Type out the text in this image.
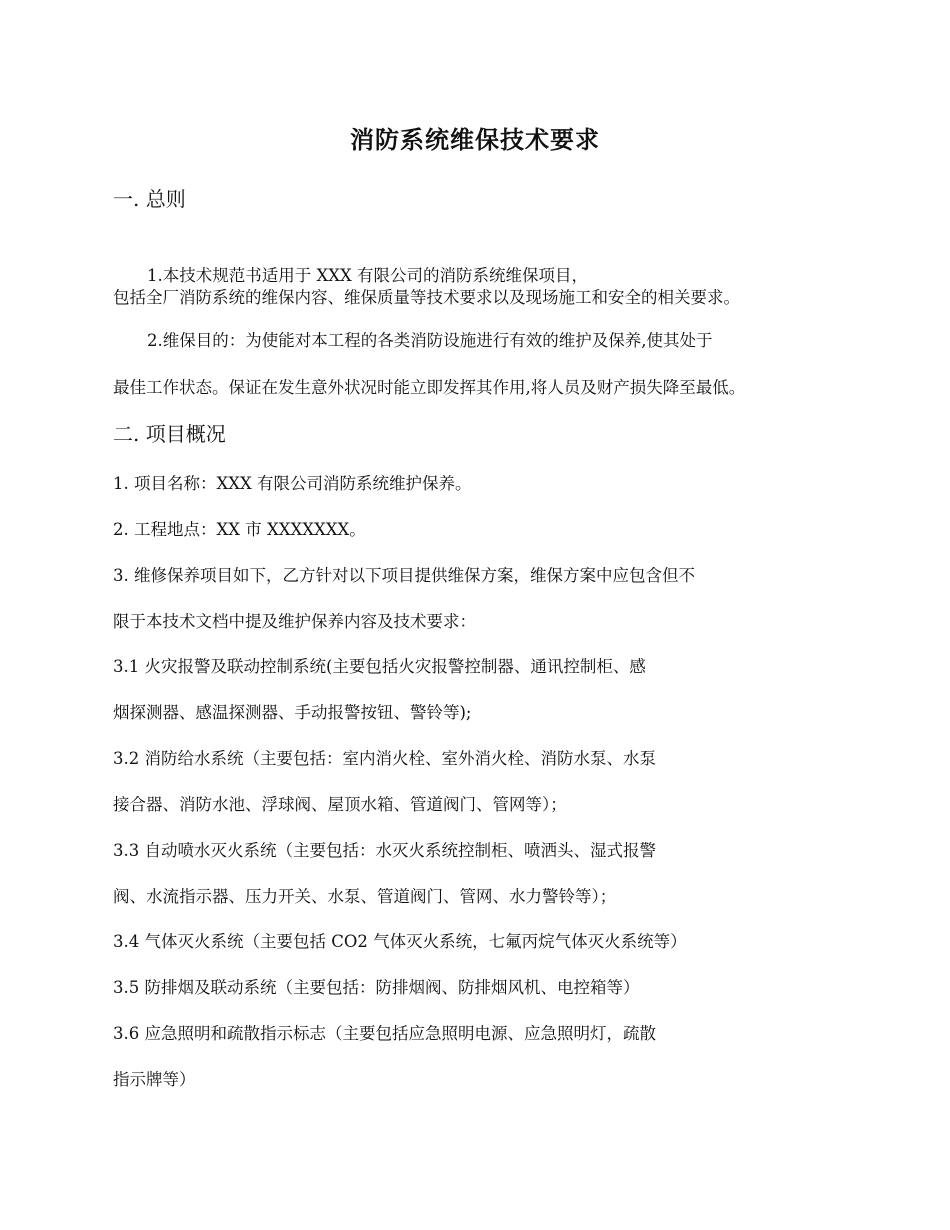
消防系统维保技术要求
一. 总则
1.本技术规范书适用于 XXX 有限公司的消防系统维保项目，
包括全厂消防系统的维保内容、维保质量等技术要求以及现场施工和安全的相关要求。
2.维保目的：为使能对本工程的各类消防设施进行有效的维护及保养,使其处于
最佳工作状态。保证在发生意外状况时能立即发挥其作用,将人员及财产损失降至最低。
二. 项目概况
1. 项目名称：XXX 有限公司消防系统维护保养。
2. 工程地点：XX 市 XXXXXXX。
3. 维修保养项目如下，乙方针对以下项目提供维保方案，维保方案中应包含但不
限于本技术文档中提及维护保养内容及技术要求：
3.1 火灾报警及联动控制系统(主要包括火灾报警控制器、通讯控制柜、感
烟探测器、感温探测器、手动报警按钮、警铃等);
3.2 消防给水系统（主要包括：室内消火栓、室外消火栓、消防水泵、水泵
接合器、消防水池、浮球阀、屋顶水箱、管道阀门、管网等）；
3.3 自动喷水灭火系统（主要包括：水灭火系统控制柜、喷洒头、湿式报警
阀、水流指示器、压力开关、水泵、管道阀门、管网、水力警铃等）；
3.4 气体灭火系统（主要包括 CO2 气体灭火系统，七氟丙烷气体灭火系统等）
3.5 防排烟及联动系统（主要包括：防排烟阀、防排烟风机、电控箱等）
3.6 应急照明和疏散指示标志（主要包括应急照明电源、应急照明灯，疏散
指示牌等）
